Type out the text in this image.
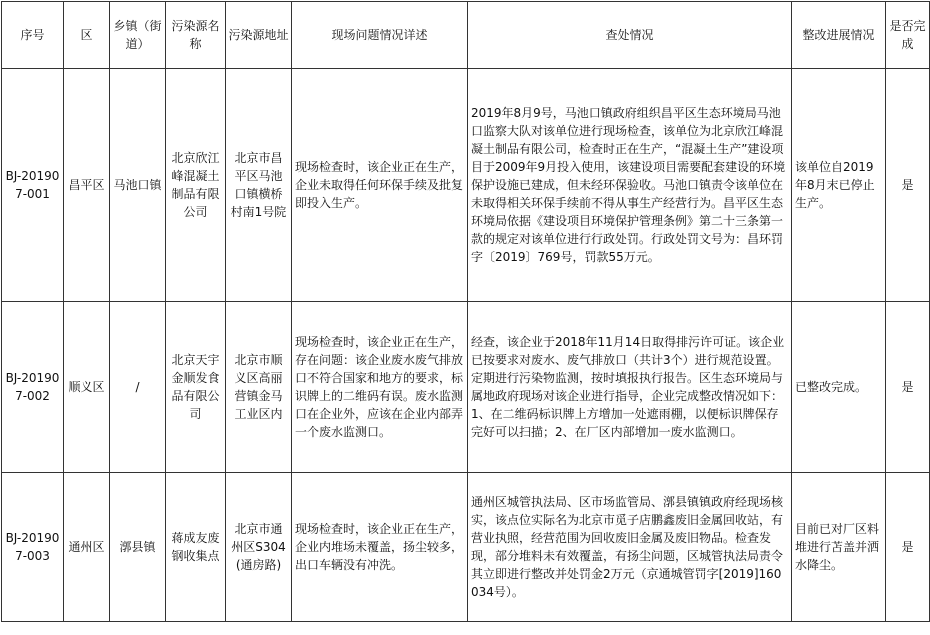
序号	区	乡镇（街道）	污染源名称	污染源地址	现场问题情况详述	查处情况	整改进展情况	是否完成
BJ-201907-001	昌平区	马池口镇	北京欣江峰混凝土制品有限公司	北京市昌平区马池口镇横桥村南1号院	现场检查时，该企业正在生产，企业未取得任何环保手续及批复即投入生产。	2019年8月9号，马池口镇政府组织昌平区生态环境局马池口监察大队对该单位进行现场检查，该单位为北京欣江峰混凝土制品有限公司，检查时正在生产，“混凝土生产”建设项目于2009年9月投入使用，该建设项目需要配套建设的环境保护设施已建成，但未经环保验收。马池口镇责令该单位在未取得相关环保手续前不得从事生产经营行为。昌平区生态环境局依据《建设项目环境保护管理条例》第二十三条第一款的规定对该单位进行行政处罚。行政处罚文号为：昌环罚字〔2019〕769号，罚款55万元。	该单位自2019年8月末已停止生产。	是
BJ-201907-002	顺义区	/	北京天宇金顺发食品有限公司	北京市顺义区高丽营镇金马工业区内	现场检查时，该企业正在生产，存在问题：该企业废水废气排放口不符合国家和地方的要求，标识牌上的二维码有误。废水监测口在企业外，应该在企业内部弄一个废水监测口。	经查，该企业于2018年11月14日取得排污许可证。该企业已按要求对废水、废气排放口（共计3个）进行规范设置。定期进行污染物监测，按时填报执行报告。区生态环境局与属地政府现场对该企业进行指导，企业完成整改情况如下：1、在二维码标识牌上方增加一处遮雨棚，以便标识牌保存完好可以扫描；2、在厂区内部增加一废水监测口。	已整改完成。	是
BJ-201907-003	通州区	漷县镇	蒋成友废钢收集点	北京市通州区S304(通房路)	现场检查时，该企业正在生产，企业内堆场未覆盖，扬尘较多，出口车辆没有冲洗。	通州区城管执法局、区市场监管局、漷县镇镇政府经现场核实，该点位实际名为北京市觅子店鹏鑫废旧金属回收站，有营业执照，经营范围为回收废旧金属及废旧物品。检查发现，部分堆料未有效覆盖，有扬尘问题，区城管执法局责令其立即进行整改并处罚金2万元（京通城管罚字[2019]160034号）。	目前已对厂区料堆进行苫盖并洒水降尘。	是
